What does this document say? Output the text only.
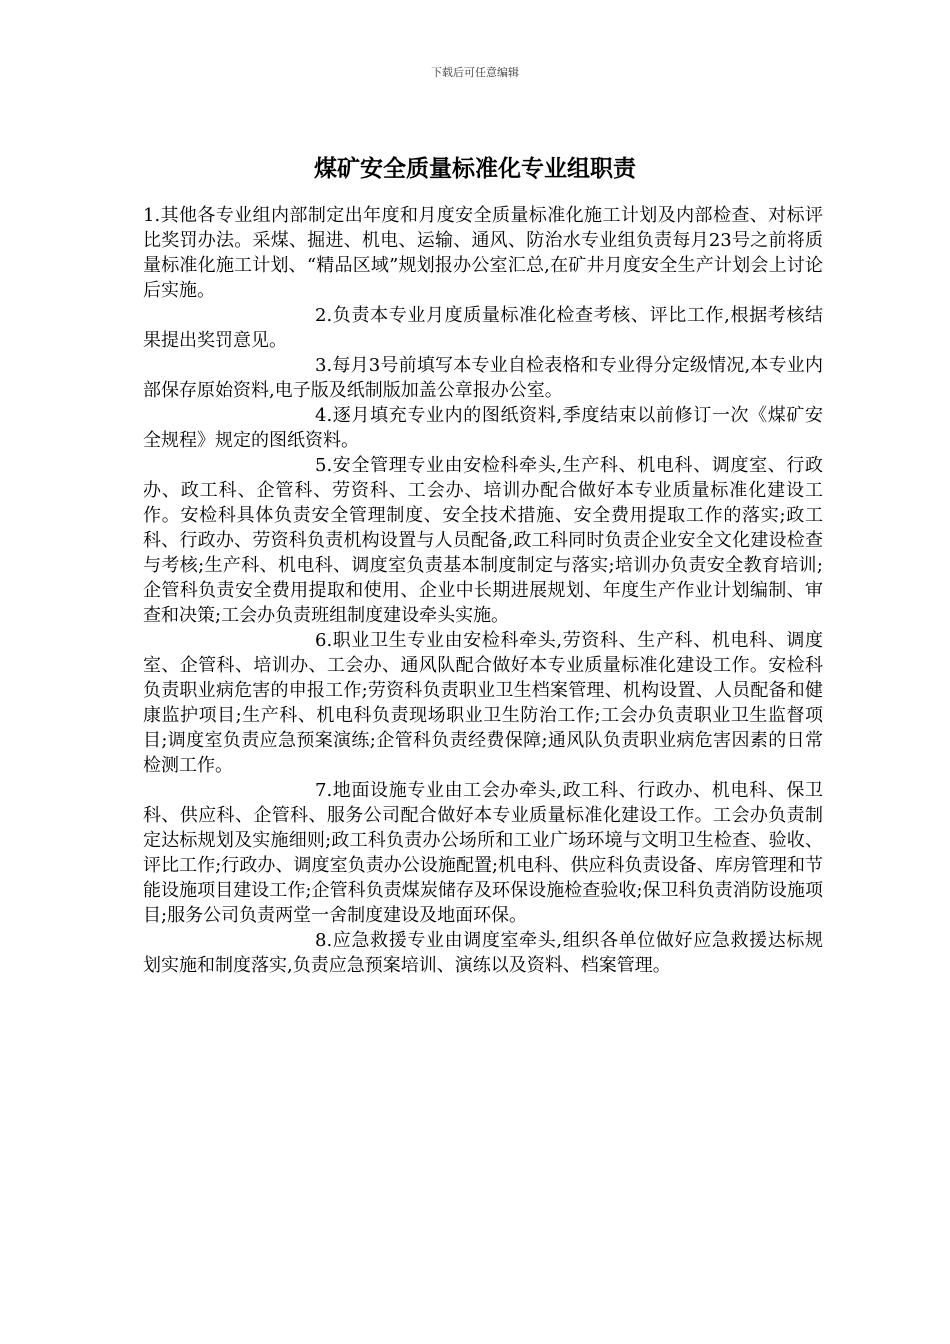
下载后可任意编辑
煤矿安全质量标准化专业组职责

1.其他各专业组内部制定出年度和月度安全质量标准化施工计划及内部检查、对标评比奖罚办法。采煤、掘进、机电、运输、通风、防治水专业组负责每月23号之前将质量标准化施工计划、“精品区域”规划报办公室汇总,在矿井月度安全生产计划会上讨论后实施。

2.负责本专业月度质量标准化检查考核、评比工作,根据考核结果提出奖罚意见。

3.每月3号前填写本专业自检表格和专业得分定级情况,本专业内部保存原始资料,电子版及纸制版加盖公章报办公室。

4.逐月填充专业内的图纸资料,季度结束以前修订一次《煤矿安全规程》规定的图纸资料。

5.安全管理专业由安检科牵头,生产科、机电科、调度室、行政办、政工科、企管科、劳资科、工会办、培训办配合做好本专业质量标准化建设工作。安检科具体负责安全管理制度、安全技术措施、安全费用提取工作的落实;政工科、行政办、劳资科负责机构设置与人员配备,政工科同时负责企业安全文化建设检查与考核;生产科、机电科、调度室负责基本制度制定与落实;培训办负责安全教育培训;企管科负责安全费用提取和使用、企业中长期进展规划、年度生产作业计划编制、审查和决策;工会办负责班组制度建设牵头实施。

6.职业卫生专业由安检科牵头,劳资科、生产科、机电科、调度室、企管科、培训办、工会办、通风队配合做好本专业质量标准化建设工作。安检科负责职业病危害的申报工作;劳资科负责职业卫生档案管理、机构设置、人员配备和健康监护项目;生产科、机电科负责现场职业卫生防治工作;工会办负责职业卫生监督项目;调度室负责应急预案演练;企管科负责经费保障;通风队负责职业病危害因素的日常检测工作。

7.地面设施专业由工会办牵头,政工科、行政办、机电科、保卫科、供应科、企管科、服务公司配合做好本专业质量标准化建设工作。工会办负责制定达标规划及实施细则;政工科负责办公场所和工业广场环境与文明卫生检查、验收、评比工作;行政办、调度室负责办公设施配置;机电科、供应科负责设备、库房管理和节能设施项目建设工作;企管科负责煤炭储存及环保设施检查验收;保卫科负责消防设施项目;服务公司负责两堂一舍制度建设及地面环保。

8.应急救援专业由调度室牵头,组织各单位做好应急救援达标规划实施和制度落实,负责应急预案培训、演练以及资料、档案管理。
